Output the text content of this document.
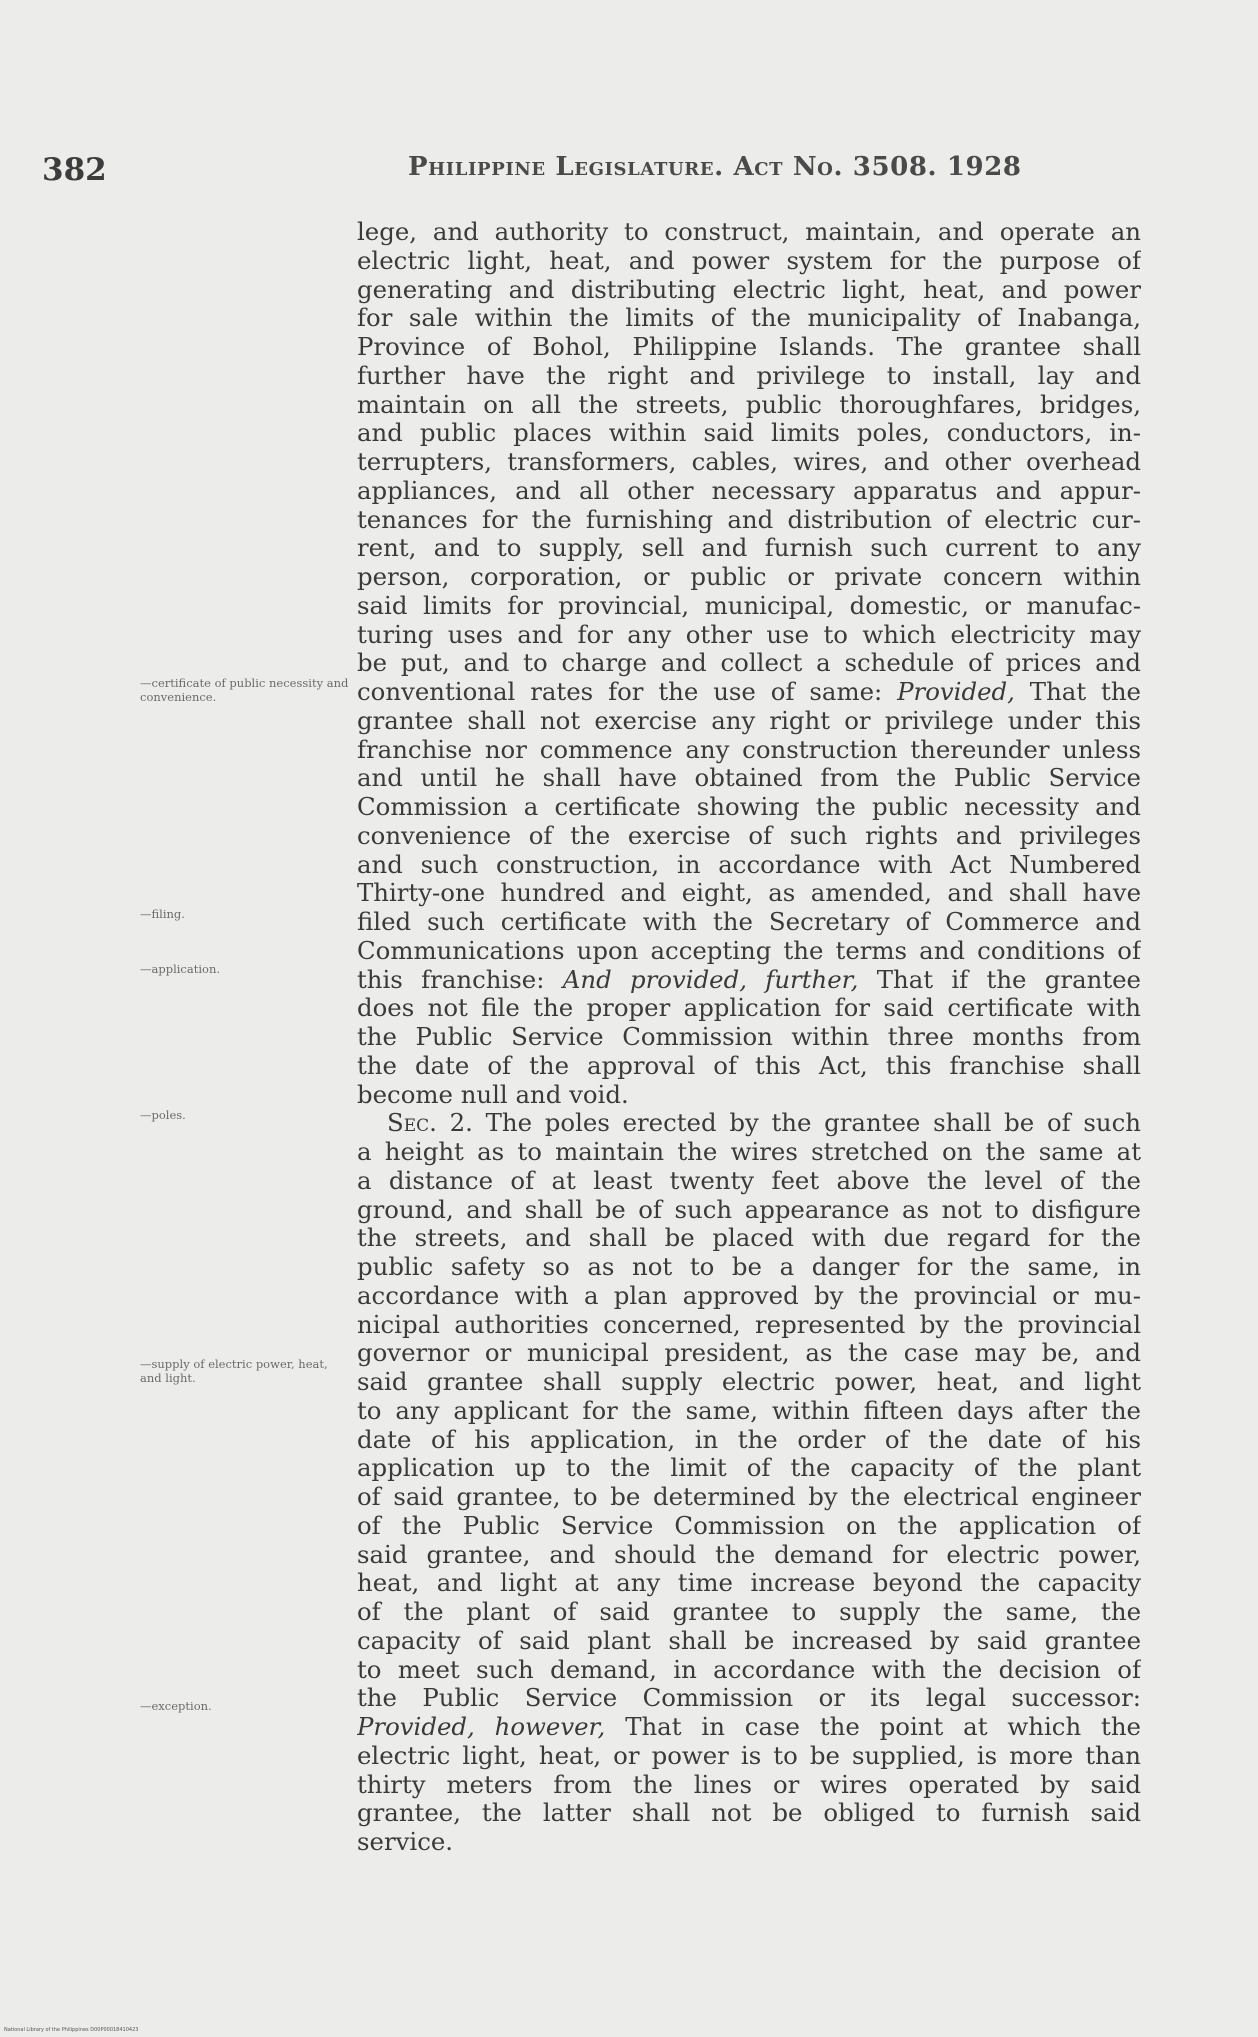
382	Philippine Legislature. Act No. 3508. 1928
lege, and authority to construct, maintain, and operate an
electric light, heat, and power system for the purpose of
generating and distributing electric light, heat, and power
for sale within the limits of the municipality of Inabanga,
Province of Bohol, Philippine Islands. The grantee shall
further have the right and privilege to install, lay and
maintain on all the streets, public thoroughfares, bridges,
and public places within said limits poles, conductors, in-
terrupters, transformers, cables, wires, and other overhead
appliances, and all other necessary apparatus and appur-
tenances for the furnishing and distribution of electric cur-
rent, and to supply, sell and furnish such current to any
person, corporation, or public or private concern within
said limits for provincial, municipal, domestic, or manufac-
turing uses and for any other use to which electricity may
be put, and to charge and collect a schedule of prices and
conventional rates for the use of same: Provided, That the
grantee shall not exercise any right or privilege under this
franchise nor commence any construction thereunder unless
and until he shall have obtained from the Public Service
Commission a certificate showing the public necessity and
convenience of the exercise of such rights and privileges
and such construction, in accordance with Act Numbered
Thirty-one hundred and eight, as amended, and shall have
filed such certificate with the Secretary of Commerce and
Communications upon accepting the terms and conditions of
this franchise: And provided, further, That if the grantee
does not file the proper application for said certificate with
the Public Service Commission within three months from
the date of the approval of this Act, this franchise shall
become null and void.
Sec. 2. The poles erected by the grantee shall be of such
a height as to maintain the wires stretched on the same at
a distance of at least twenty feet above the level of the
ground, and shall be of such appearance as not to disfigure
the streets, and shall be placed with due regard for the
public safety so as not to be a danger for the same, in
accordance with a plan approved by the provincial or mu-
nicipal authorities concerned, represented by the provincial
governor or municipal president, as the case may be, and
said grantee shall supply electric power, heat, and light
to any applicant for the same, within fifteen days after the
date of his application, in the order of the date of his
application up to the limit of the capacity of the plant
of said grantee, to be determined by the electrical engineer
of the Public Service Commission on the application of
said grantee, and should the demand for electric power,
heat, and light at any time increase beyond the capacity
of the plant of said grantee to supply the same, the
capacity of said plant shall be increased by said grantee
to meet such demand, in accordance with the decision of
the Public Service Commission or its legal successor:
Provided, however, That in case the point at which the
electric light, heat, or power is to be supplied, is more than
thirty meters from the lines or wires operated by said
grantee, the latter shall not be obliged to furnish said
service.
—certificate of public necessity and convenience.
—filing.
—application.
—poles.
—supply of electric power, heat, and light.
—exception.
National Library of the Philippines D00P00018410423
